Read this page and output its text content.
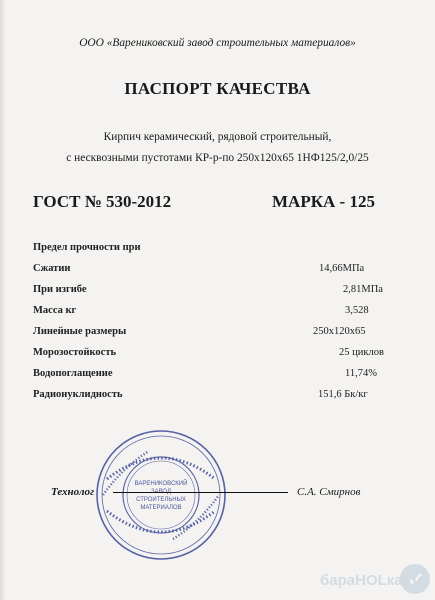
ООО «Варениковский завод строительных материалов»
ПАСПОРТ КАЧЕСТВА
Кирпич керамический, рядовой строительный,
с несквозными пустотами КР-р-по 250х120х65 1НФ125/2,0/25
ГОСТ № 530-2012	МАРКА - 125
Предел прочности при
Сжатии	14,66МПа
При изгибе	2,81МПа
Масса кг	3,528
Линейные размеры	250х120х65
Морозостойкость	25 циклов
Водопоглащение	11,74%
Радионуклидность	151,6 Бк/кг
ВАРЕНИКОВСКИЙ
СТРОИТЕЛЬНЫХ
МАТЕРИАЛОВ
Технолог	С.А. Смирнов
бараHOLка.ru
